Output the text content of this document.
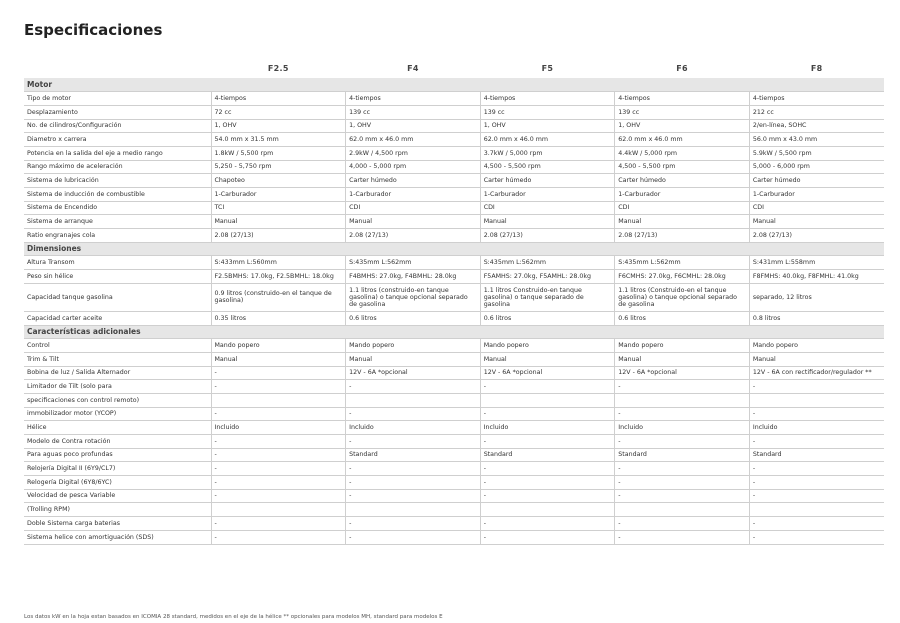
Especificaciones
F2.5	F4	F5	F6	F8
Motor					
Tipo de motor	4-tiempos	4-tiempos	4-tiempos	4-tiempos	4-tiempos
Desplazamiento	72 cc	139 cc	139 cc	139 cc	212 cc
No. de cilindros/Configuración	1, OHV	1, OHV	1, OHV	1, OHV	2/en-línea, SOHC
Diametro x carrera	54.0 mm x 31.5 mm	62.0 mm x 46.0 mm	62.0 mm x 46.0 mm	62.0 mm x 46.0 mm	56.0 mm x 43.0 mm
Potencia en la salida del eje a medio rango	1.8kW / 5,500 rpm	2.9kW / 4,500 rpm	3.7kW / 5,000 rpm	4.4kW / 5,000 rpm	5.9kW / 5,500 rpm
Rango máximo de aceleración	5,250 - 5,750 rpm	4,000 - 5,000 rpm	4,500 - 5,500 rpm	4,500 - 5,500 rpm	5,000 - 6,000 rpm
Sistema de lubricación	Chapoteo	Carter húmedo	Carter húmedo	Carter húmedo	Carter húmedo
Sistema de inducción de combustible	1-Carburador	1-Carburador	1-Carburador	1-Carburador	1-Carburador
Sistema de Encendido	TCI	CDI	CDI	CDI	CDI
Sistema de arranque	Manual	Manual	Manual	Manual	Manual
Ratio engranajes cola	2.08 (27/13)	2.08 (27/13)	2.08 (27/13)	2.08 (27/13)	2.08 (27/13)
Dimensiones					
Altura Transom	S:433mm L:560mm	S:435mm L:562mm	S:435mm L:562mm	S:435mm L:562mm	S:431mm L:558mm
Peso sin hélice	F2.5BMHS: 17.0kg, F2.5BMHL: 18.0kg	F4BMHS: 27.0kg, F4BMHL: 28.0kg	F5AMHS: 27.0kg, F5AMHL: 28.0kg	F6CMHS: 27.0kg, F6CMHL: 28.0kg	F8FMHS: 40.0kg, F8FMHL: 41.0kg
Capacidad tanque gasolina	0.9 litros (construido-en el tanque de gasolina)	1.1 litros (construido-en tanque gasolina) o tanque opcional separado de gasolina	1.1 litros Construido-en tanque gasolina) o tanque separado de gasolina	1.1 litros (Construido-en el tanque gasolina) o tanque opcional separado de gasolina	separado, 12 litros
Capacidad carter aceite	0.35 litros	0.6 litros	0.6 litros	0.6 litros	0.8 litros
Características adicionales					
Control	Mando popero	Mando popero	Mando popero	Mando popero	Mando popero
Trim & Tilt	Manual	Manual	Manual	Manual	Manual
Bobina de luz / Salida Alternador	-	12V - 6A *opcional	12V - 6A *opcional	12V - 6A *opcional	12V - 6A con rectificador/regulador **
Limitador de Tilt (solo para	-	-	-	-	-
specificaciones con control remoto)					
immobilizador motor (YCOP)	-	-	-	-	-
Hélice	Incluido	Incluido	Incluido	Incluido	Incluido
Modelo de Contra rotación	-	-	-	-	-
Para aguas poco profundas	-	Standard	Standard	Standard	Standard
Relojería Digital II (6Y9/CL7)	-	-	-	-	-
Relogería Digital (6Y8/6YC)	-	-	-	-	-
Velocidad de pesca Variable	-	-	-	-	-
(Trolling RPM)					
Doble Sistema carga baterias	-	-	-	-	-
Sistema helice con amortiguación (SDS)	-	-	-	-	-
Los datos kW en la hoja estan basados en ICOMIA 28 standard, medidos en el eje de la hélice ** opcionales para modelos MH, standard para modelos E
